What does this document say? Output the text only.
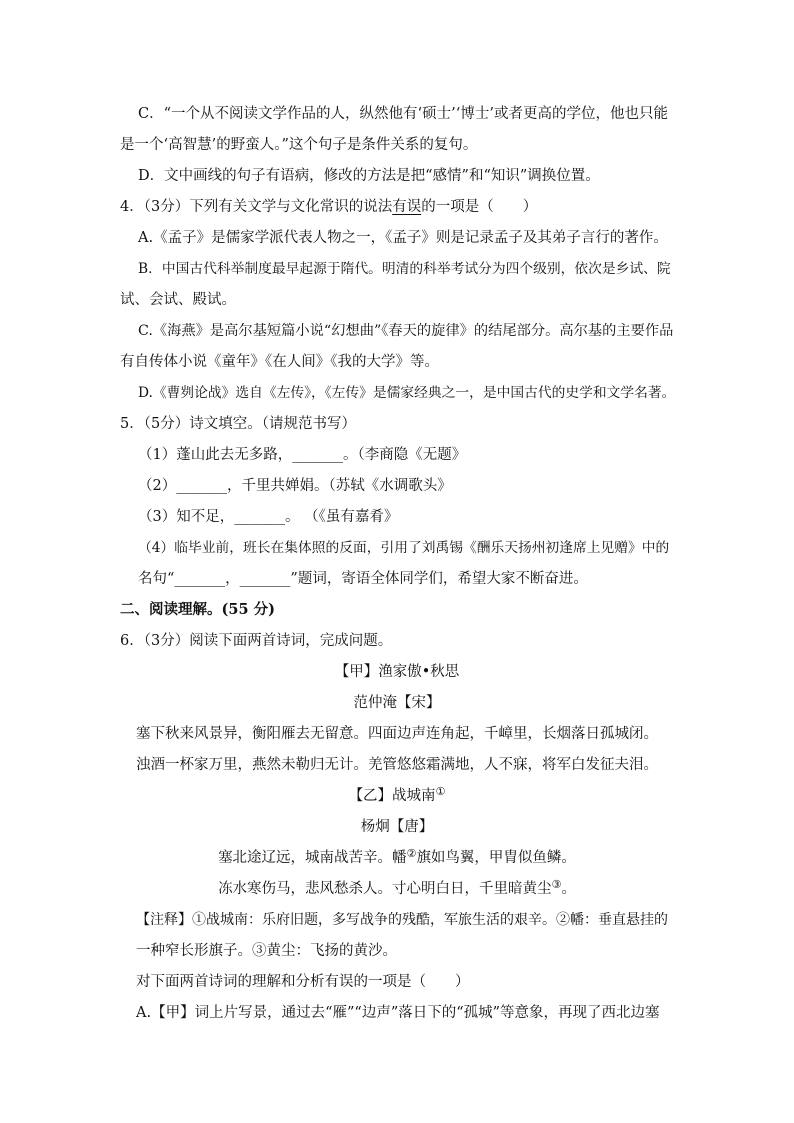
C．“一个从不阅读文学作品的人，纵然他有‘硕士’‘博士’或者更高的学位，他也只能
是一个‘高智慧’的野蛮人。”这个句子是条件关系的复句。
D．文中画线的句子有语病，修改的方法是把“感情”和“知识”调换位置。
4．（3分）下列有关文学与文化常识的说法有误的一项是（　　）
A.《孟子》是儒家学派代表人物之一，《孟子》则是记录孟子及其弟子言行的著作。
B．中国古代科举制度最早起源于隋代。明清的科举考试分为四个级别，依次是乡试、院
试、会试、殿试。
C.《海燕》是高尔基短篇小说“幻想曲”《春天的旋律》的结尾部分。高尔基的主要作品
有自传体小说《童年》《在人间》《我的大学》等。
D.《曹刿论战》选自《左传》，《左传》是儒家经典之一，是中国古代的史学和文学名著。
5．（5分）诗文填空。（请规范书写）
（1）蓬山此去无多路，_______。（李商隐《无题》
（2）_______，千里共婵娟。（苏轼《水调歌头》
（3）知不足，_______。 （《虽有嘉肴》
（4）临毕业前，班长在集体照的反面，引用了刘禹锡《酬乐天扬州初逢席上见赠》中的
名句“_______，_______”题词，寄语全体同学们，希望大家不断奋进。
二、阅读理解。(55 分)
6．（3分）阅读下面两首诗词，完成问题。
【甲】渔家傲•秋思
范仲淹【宋】
塞下秋来风景异，衡阳雁去无留意。四面边声连角起，千嶂里，长烟落日孤城闭。
浊酒一杯家万里，燕然未勒归无计。羌管悠悠霜满地，人不寐，将军白发征夫泪。
【乙】战城南①
杨炯【唐】
塞北途辽远，城南战苦辛。幡②旗如鸟翼，甲胄似鱼鳞。
冻水寒伤马，悲风愁杀人。寸心明白日，千里暗黄尘③。
【注释】①战城南：乐府旧题，多写战争的残酷，军旅生活的艰辛。②幡：垂直悬挂的
一种窄长形旗子。③黄尘：飞扬的黄沙。
对下面两首诗词的理解和分析有误的一项是（　　）
A.【甲】词上片写景，通过去“雁”“边声”落日下的“孤城”等意象，再现了西北边塞
